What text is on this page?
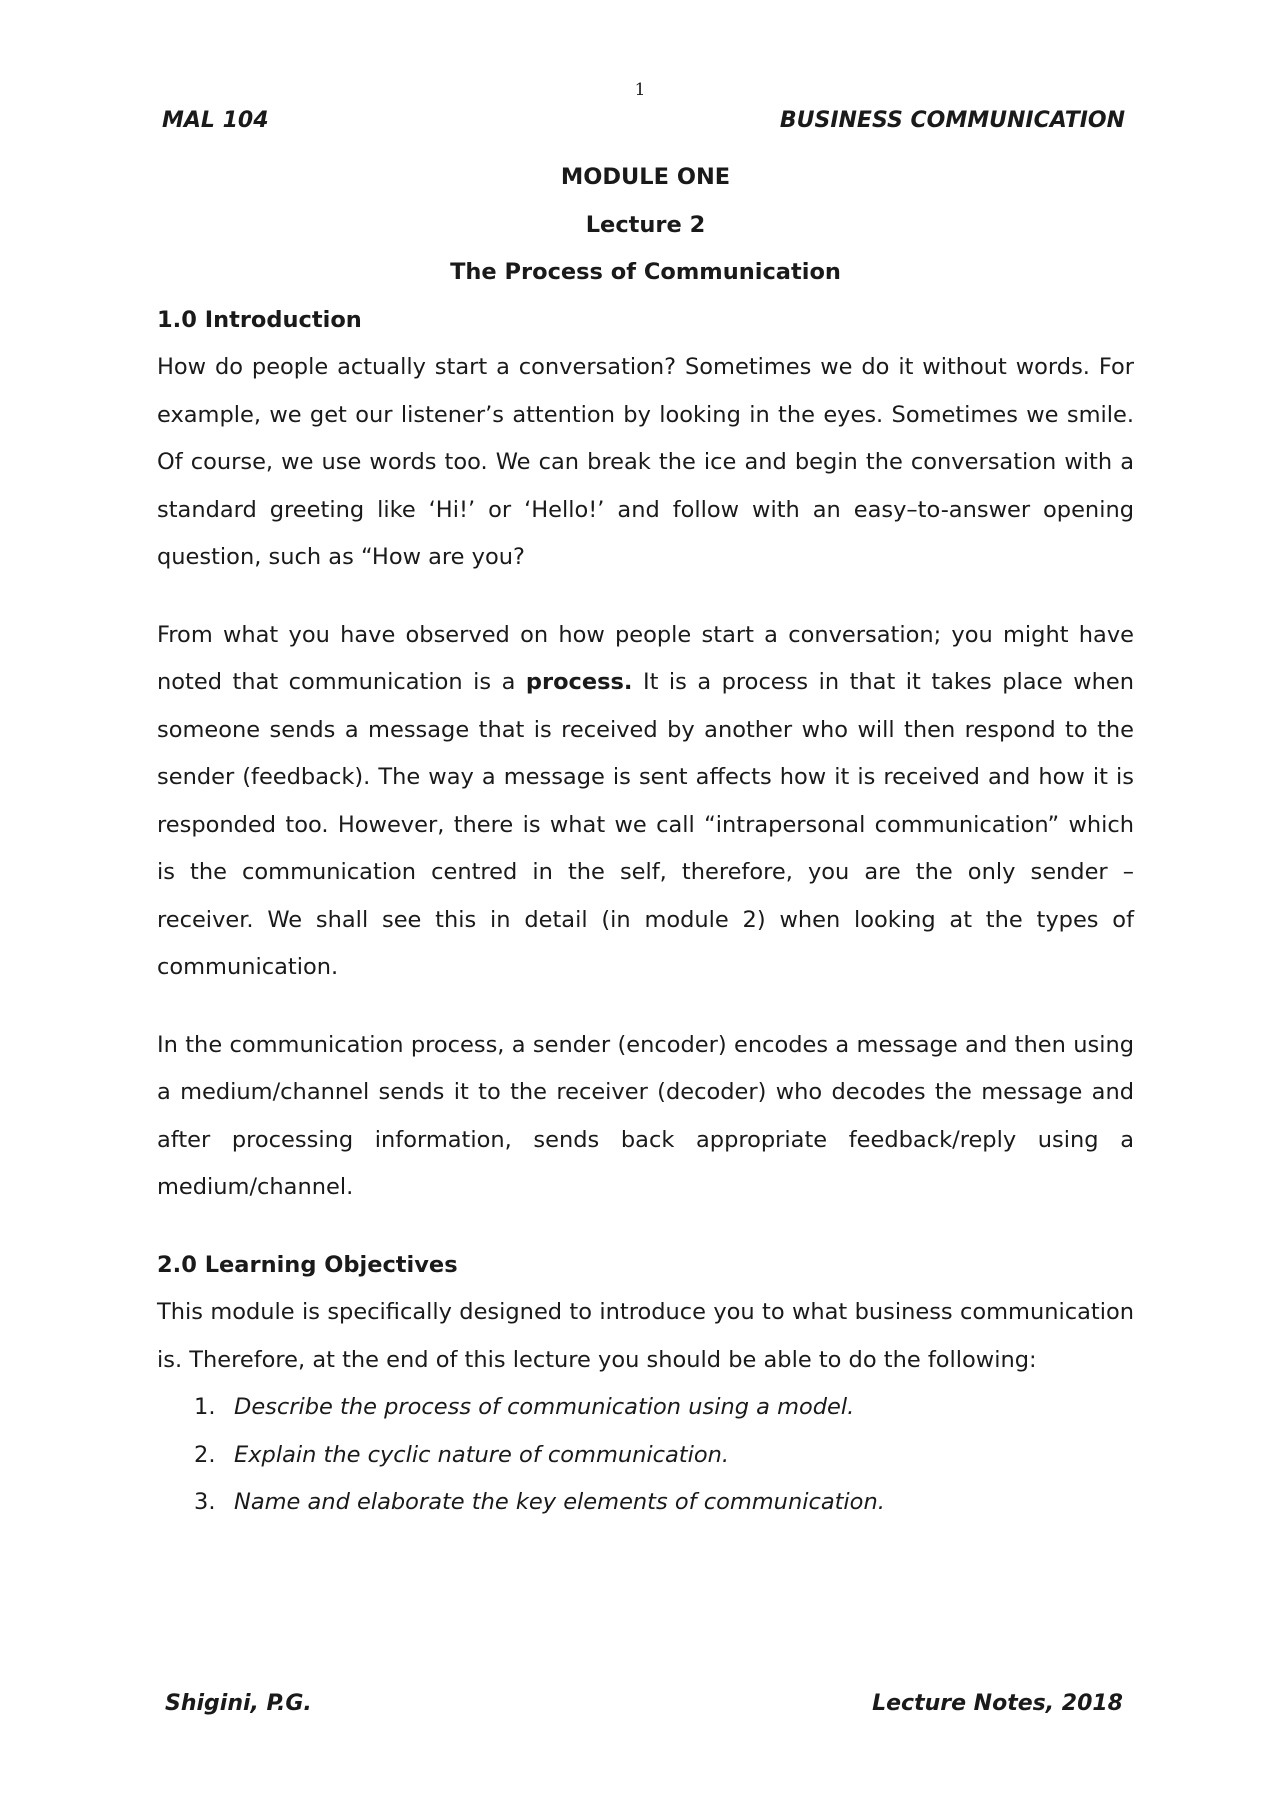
1
MAL 104	BUSINESS COMMUNICATION

MODULE ONE

Lecture 2

The Process of Communication

1.0 Introduction

How do people actually start a conversation? Sometimes we do it without words. For example, we get our listener’s attention by looking in the eyes. Sometimes we smile. Of course, we use words too. We can break the ice and begin the conversation with a standard greeting like ‘Hi!’ or ‘Hello!’ and follow with an easy–to-answer opening question, such as “How are you?

From what you have observed on how people start a conversation; you might have noted that communication is a process. It is a process in that it takes place when someone sends a message that is received by another who will then respond to the sender (feedback). The way a message is sent affects how it is received and how it is responded too. However, there is what we call “intrapersonal communication” which is the communication centred in the self, therefore, you are the only sender – receiver. We shall see this in detail (in module 2) when looking at the types of communication.

In the communication process, a sender (encoder) encodes a message and then using a medium/channel sends it to the receiver (decoder) who decodes the message and after processing information, sends back appropriate feedback/reply using a medium/channel.

2.0 Learning Objectives

This module is specifically designed to introduce you to what business communication is. Therefore, at the end of this lecture you should be able to do the following:

1. Describe the process of communication using a model.
2. Explain the cyclic nature of communication.
3. Name and elaborate the key elements of communication.
Shigini, P.G.	Lecture Notes, 2018
